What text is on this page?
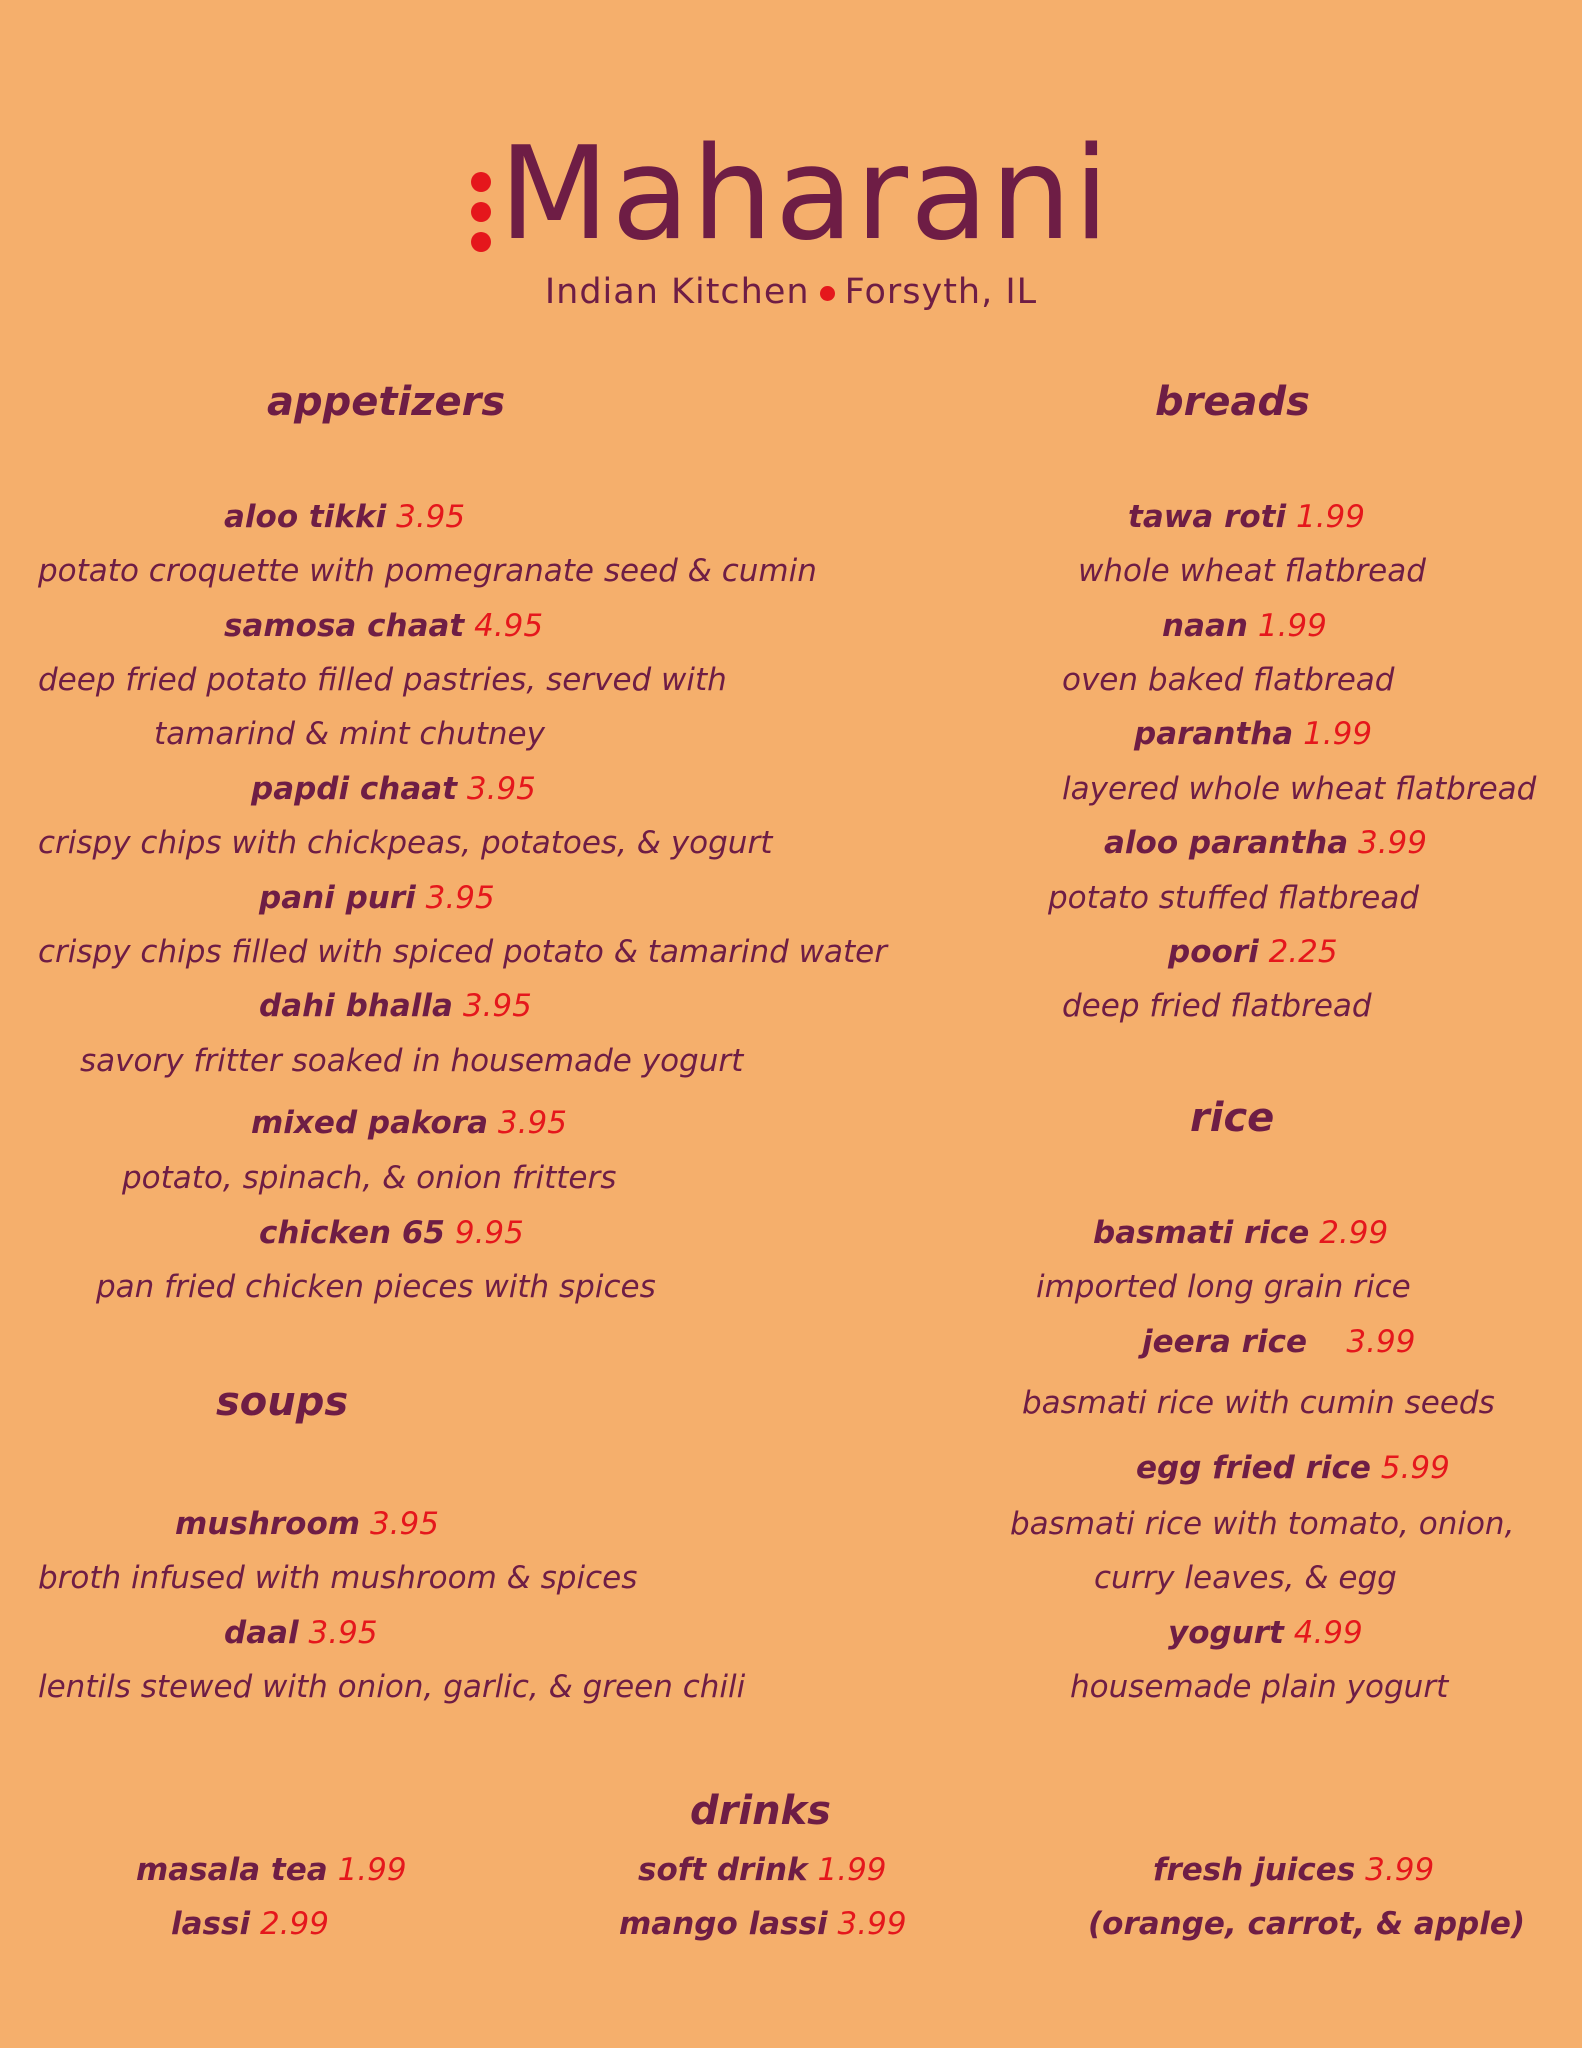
Maharani
Indian Kitchen Forsyth, IL
appetizers
aloo tikki 3.95
potato croquette with pomegranate seed & cumin
samosa chaat 4.95
deep fried potato filled pastries, served with
tamarind & mint chutney
papdi chaat 3.95
crispy chips with chickpeas, potatoes, & yogurt
pani puri 3.95
crispy chips filled with spiced potato & tamarind water
dahi bhalla 3.95
savory fritter soaked in housemade yogurt
mixed pakora 3.95
potato, spinach, & onion fritters
chicken 65 9.95
pan fried chicken pieces with spices
soups
mushroom 3.95
broth infused with mushroom & spices
daal 3.95
lentils stewed with onion, garlic, & green chili
breads
tawa roti 1.99
whole wheat flatbread
naan 1.99
oven baked flatbread
parantha 1.99
layered whole wheat flatbread
aloo parantha 3.99
potato stuffed flatbread
poori 2.25
deep fried flatbread
rice
basmati rice 2.99
imported long grain rice
jeera rice 3.99
basmati rice with cumin seeds
egg fried rice 5.99
basmati rice with tomato, onion,
curry leaves, & egg
yogurt 4.99
housemade plain yogurt
drinks
masala tea 1.99
lassi 2.99
soft drink 1.99
mango lassi 3.99
fresh juices 3.99
(orange, carrot, & apple)
